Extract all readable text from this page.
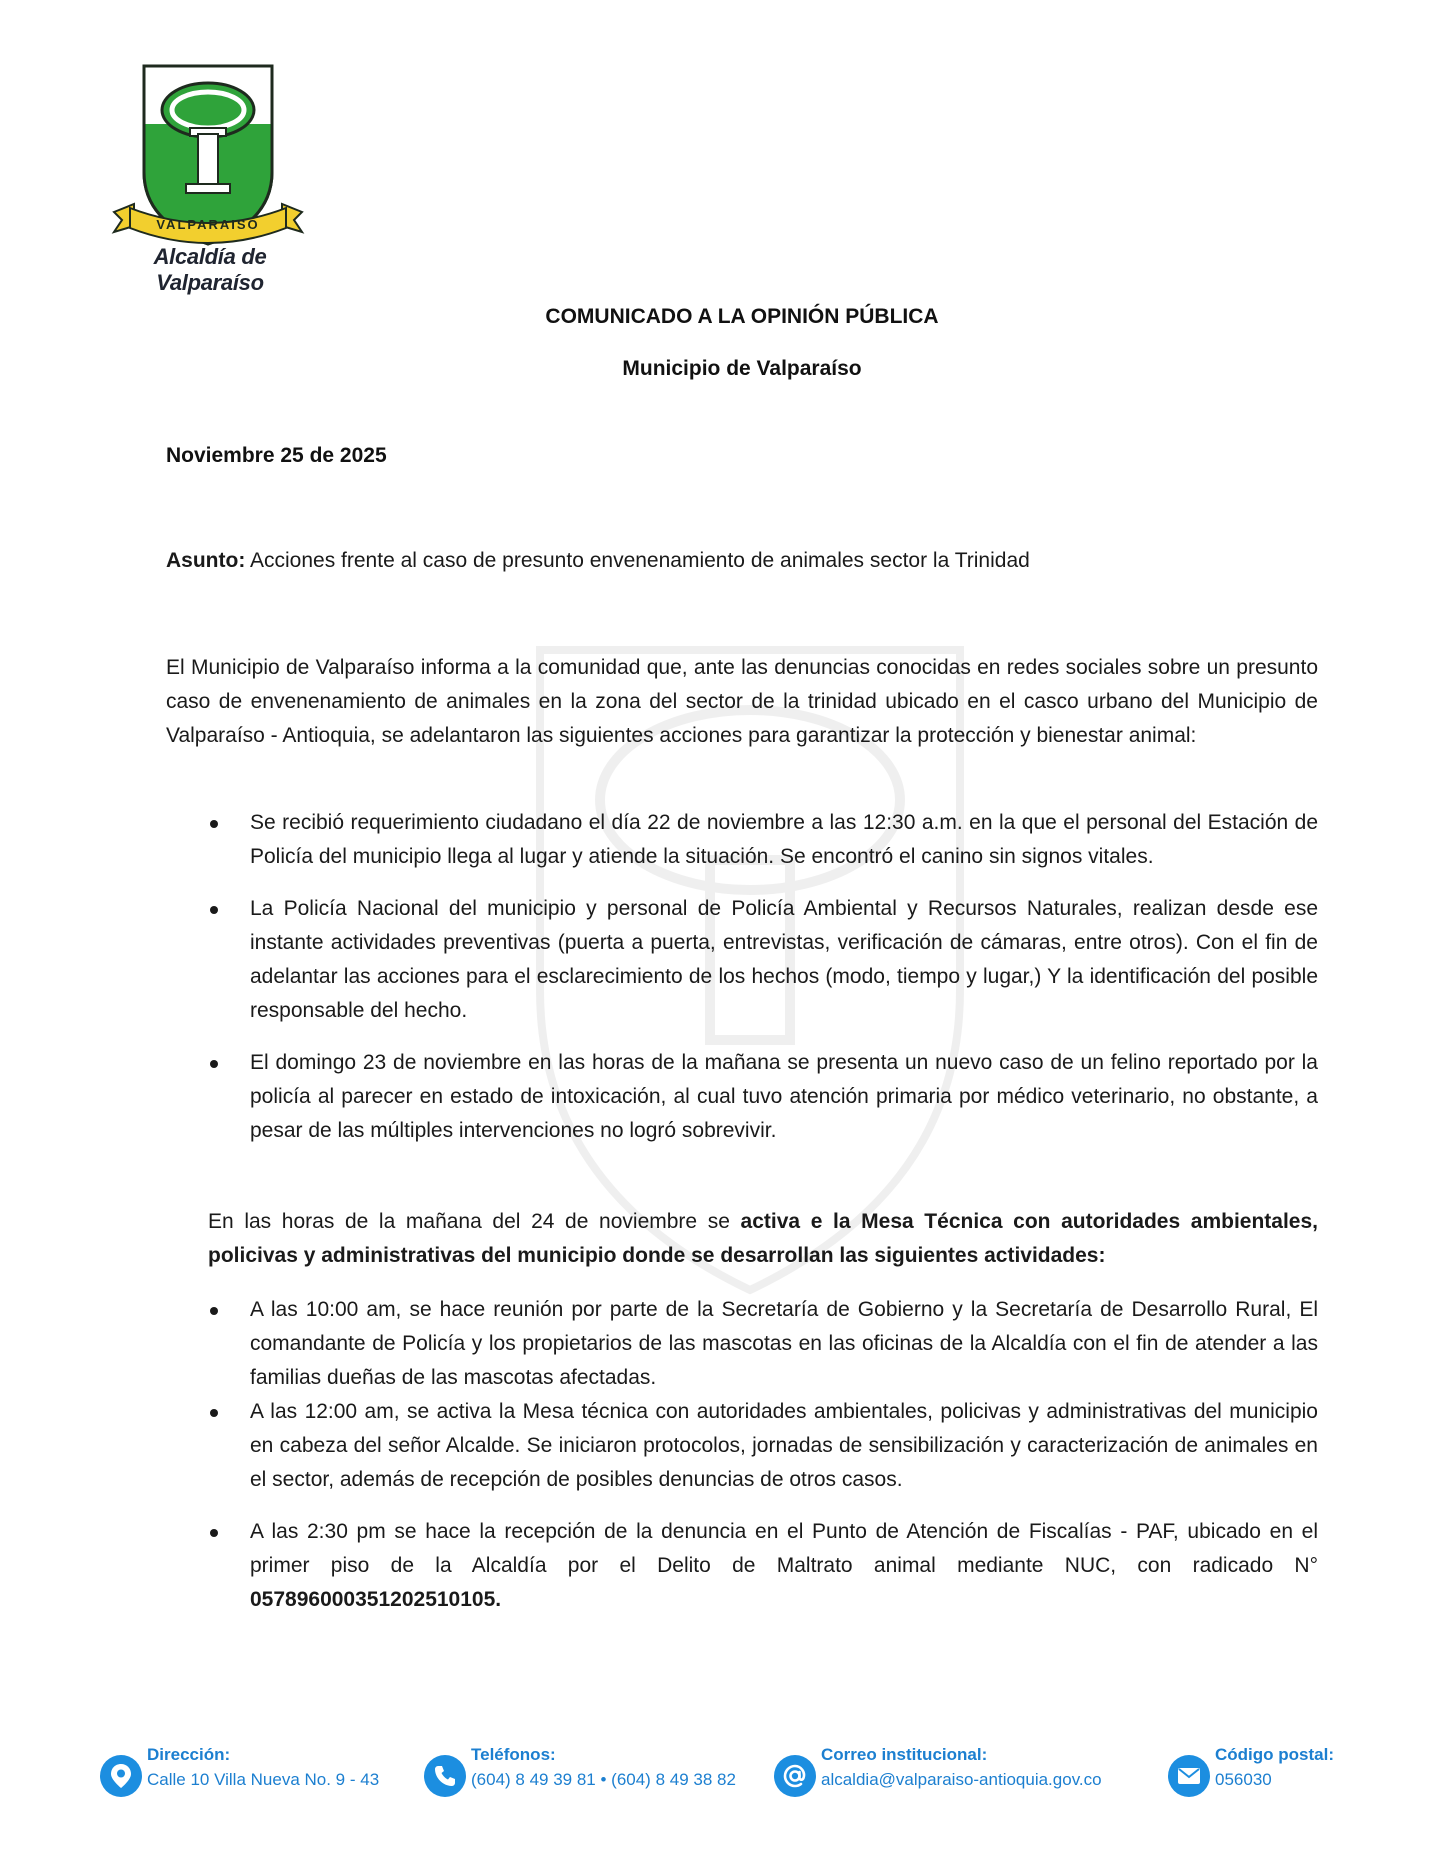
VALPARAISO
Alcaldía de Valparaíso
COMUNICADO A LA OPINIÓN PÚBLICA
Municipio de Valparaíso
Noviembre 25 de 2025
Asunto: Acciones frente al caso de presunto envenenamiento de animales sector la Trinidad
El Municipio de Valparaíso informa a la comunidad que, ante las denuncias conocidas en redes sociales sobre un presunto caso de envenenamiento de animales en la zona del sector de la trinidad ubicado en el casco urbano del Municipio de Valparaíso - Antioquia, se adelantaron las siguientes acciones para garantizar la protección y bienestar animal:
Se recibió requerimiento ciudadano el día 22 de noviembre a las 12:30 a.m. en la que el personal del Estación de Policía del municipio llega al lugar y atiende la situación. Se encontró el canino sin signos vitales.
La Policía Nacional del municipio y personal de Policía Ambiental y Recursos Naturales, realizan desde ese instante actividades preventivas (puerta a puerta, entrevistas, verificación de cámaras, entre otros). Con el fin de adelantar las acciones para el esclarecimiento de los hechos (modo, tiempo y lugar,) Y la identificación del posible responsable del hecho.
El domingo 23 de noviembre en las horas de la mañana se presenta un nuevo caso de un felino reportado por la policía al parecer en estado de intoxicación, al cual tuvo atención primaria por médico veterinario, no obstante, a pesar de las múltiples intervenciones no logró sobrevivir.
En las horas de la mañana del 24 de noviembre se activa e la Mesa Técnica con autoridades ambientales, policivas y administrativas del municipio donde se desarrollan las siguientes actividades:
A las 10:00 am, se hace reunión por parte de la Secretaría de Gobierno y la Secretaría de Desarrollo Rural, El comandante de Policía y los propietarios de las mascotas en las oficinas de la Alcaldía con el fin de atender a las familias dueñas de las mascotas afectadas.
A las 12:00 am, se activa la Mesa técnica con autoridades ambientales, policivas y administrativas del municipio en cabeza del señor Alcalde. Se iniciaron protocolos, jornadas de sensibilización y caracterización de animales en el sector, además de recepción de posibles denuncias de otros casos.
A las 2:30 pm se hace la recepción de la denuncia en el Punto de Atención de Fiscalías - PAF, ubicado en el primer piso de la Alcaldía por el Delito de Maltrato animal mediante NUC, con radicado N° 057896000351202510105.
Dirección:
Calle 10 Villa Nueva No. 9 - 43
Teléfonos:
(604) 8 49 39 81 • (604) 8 49 38 82
Correo institucional:
alcaldia@valparaiso-antioquia.gov.co
Código postal:
056030
